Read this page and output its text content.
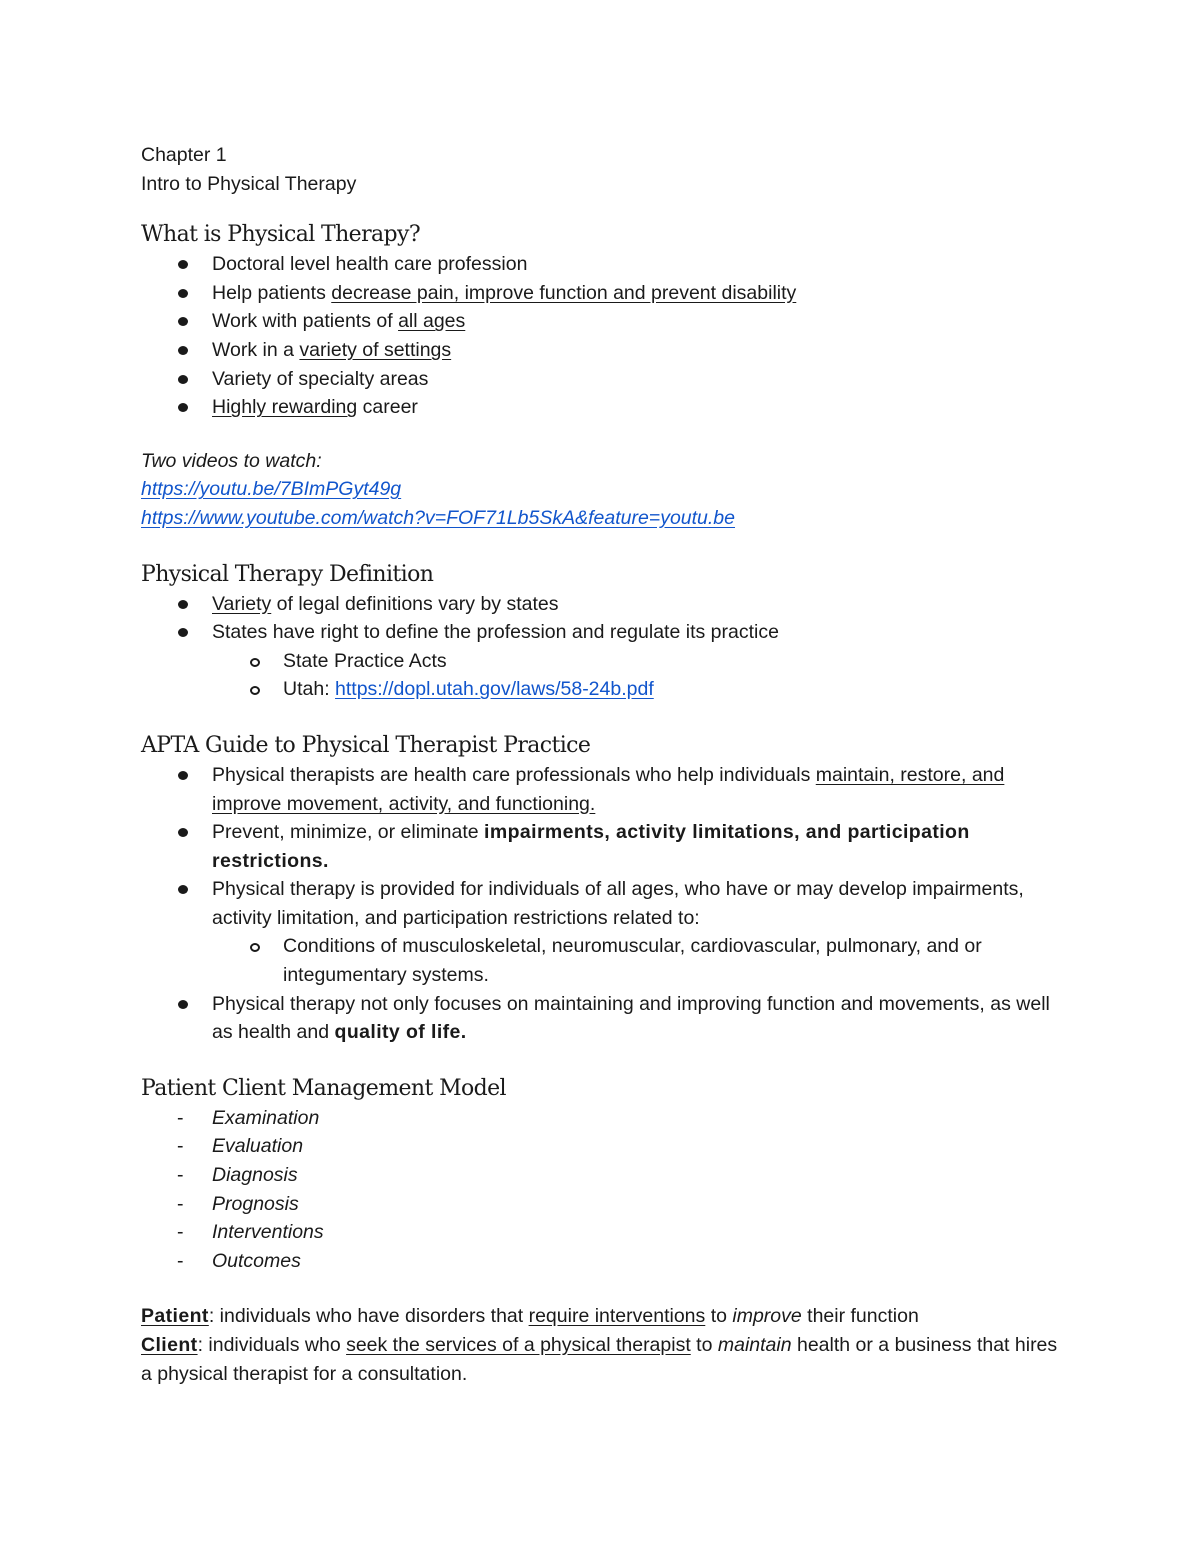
Chapter 1

Intro to Physical Therapy

What is Physical Therapy?
Doctoral level health care profession
Help patients decrease pain, improve function and prevent disability
Work with patients of all ages
Work in a variety of settings
Variety of specialty areas
Highly rewarding career

Two videos to watch:

https://youtu.be/7BImPGyt49g

https://www.youtube.com/watch?v=FOF71Lb5SkA&feature=youtu.be

Physical Therapy Definition
Variety of legal definitions vary by states
States have right to define the profession and regulate its practice
State Practice Acts
Utah: https://dopl.utah.gov/laws/58-24b.pdf
APTA Guide to Physical Therapist Practice
Physical therapists are health care professionals who help individuals maintain, restore, and improve movement, activity, and functioning.
Prevent, minimize, or eliminate impairments, activity limitations, and participation restrictions.
Physical therapy is provided for individuals of all ages, who have or may develop impairments, activity limitation, and participation restrictions related to:
Conditions of musculoskeletal, neuromuscular, cardiovascular, pulmonary, and or integumentary systems.
Physical therapy not only focuses on maintaining and improving function and movements, as well as health and quality of life.
Patient Client Management Model
- Examination
- Evaluation
- Diagnosis
- Prognosis
- Interventions
- Outcomes

Patient: individuals who have disorders that require interventions to improve their function

Client: individuals who seek the services of a physical therapist to maintain health or a business that hires a physical therapist for a consultation.
